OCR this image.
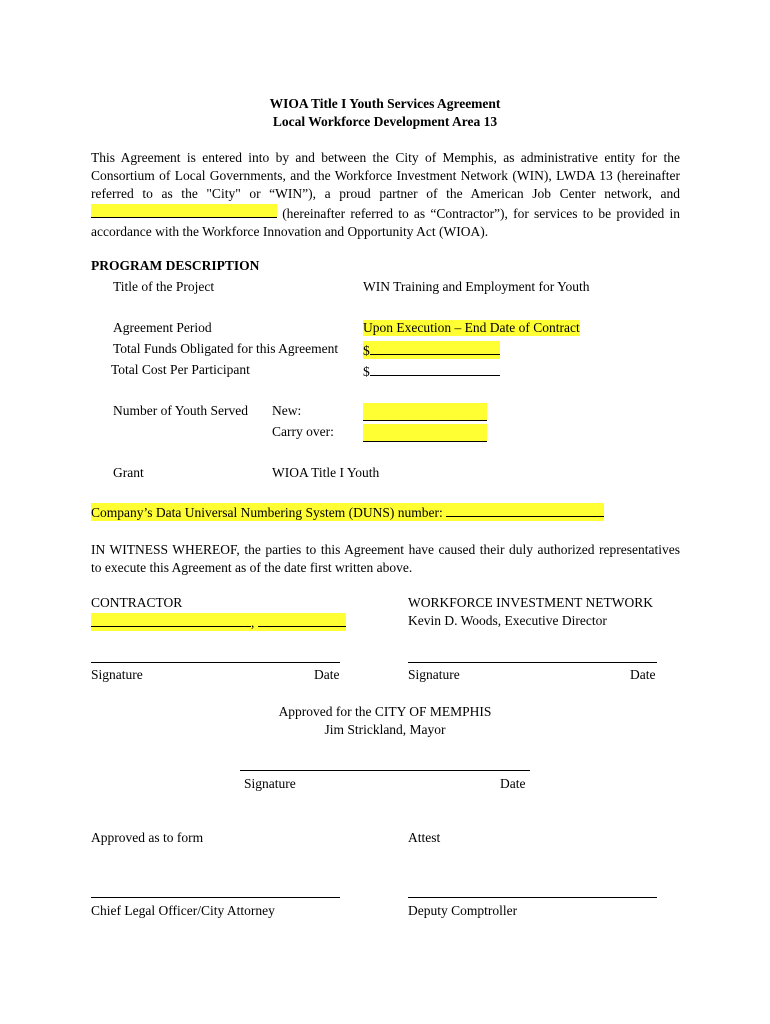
WIOA Title I Youth Services Agreement
Local Workforce Development Area 13
This Agreement is entered into by and between the City of Memphis, as administrative entity for the
Consortium of Local Governments, and the Workforce Investment Network (WIN), LWDA 13 (hereinafter
referred to as the "City" or “WIN”), a proud partner of the American Job Center network, and
(hereinafter referred to as “Contractor”), for services to be provided in
accordance with the Workforce Innovation and Opportunity Act (WIOA).
PROGRAM DESCRIPTION
Title of the Project	WIN Training and Employment for Youth
Agreement Period	Upon Execution – End Date of Contract
Total Funds Obligated for this Agreement $
Total Cost Per Participant	$
Number of Youth Served New:
Carry over:
Grant	WIOA Title I Youth
Company’s Data Universal Numbering System (DUNS) number:
IN WITNESS WHEREOF, the parties to this Agreement have caused their duly authorized representatives
to execute this Agreement as of the date first written above.
CONTRACTOR
,
WORKFORCE INVESTMENT NETWORK
Kevin D. Woods, Executive Director
Signature	Date	Signature	Date
Approved for the CITY OF MEMPHIS
Jim Strickland, Mayor
Signature	Date
Approved as to form	Attest
Chief Legal Officer/City Attorney	Deputy Comptroller
